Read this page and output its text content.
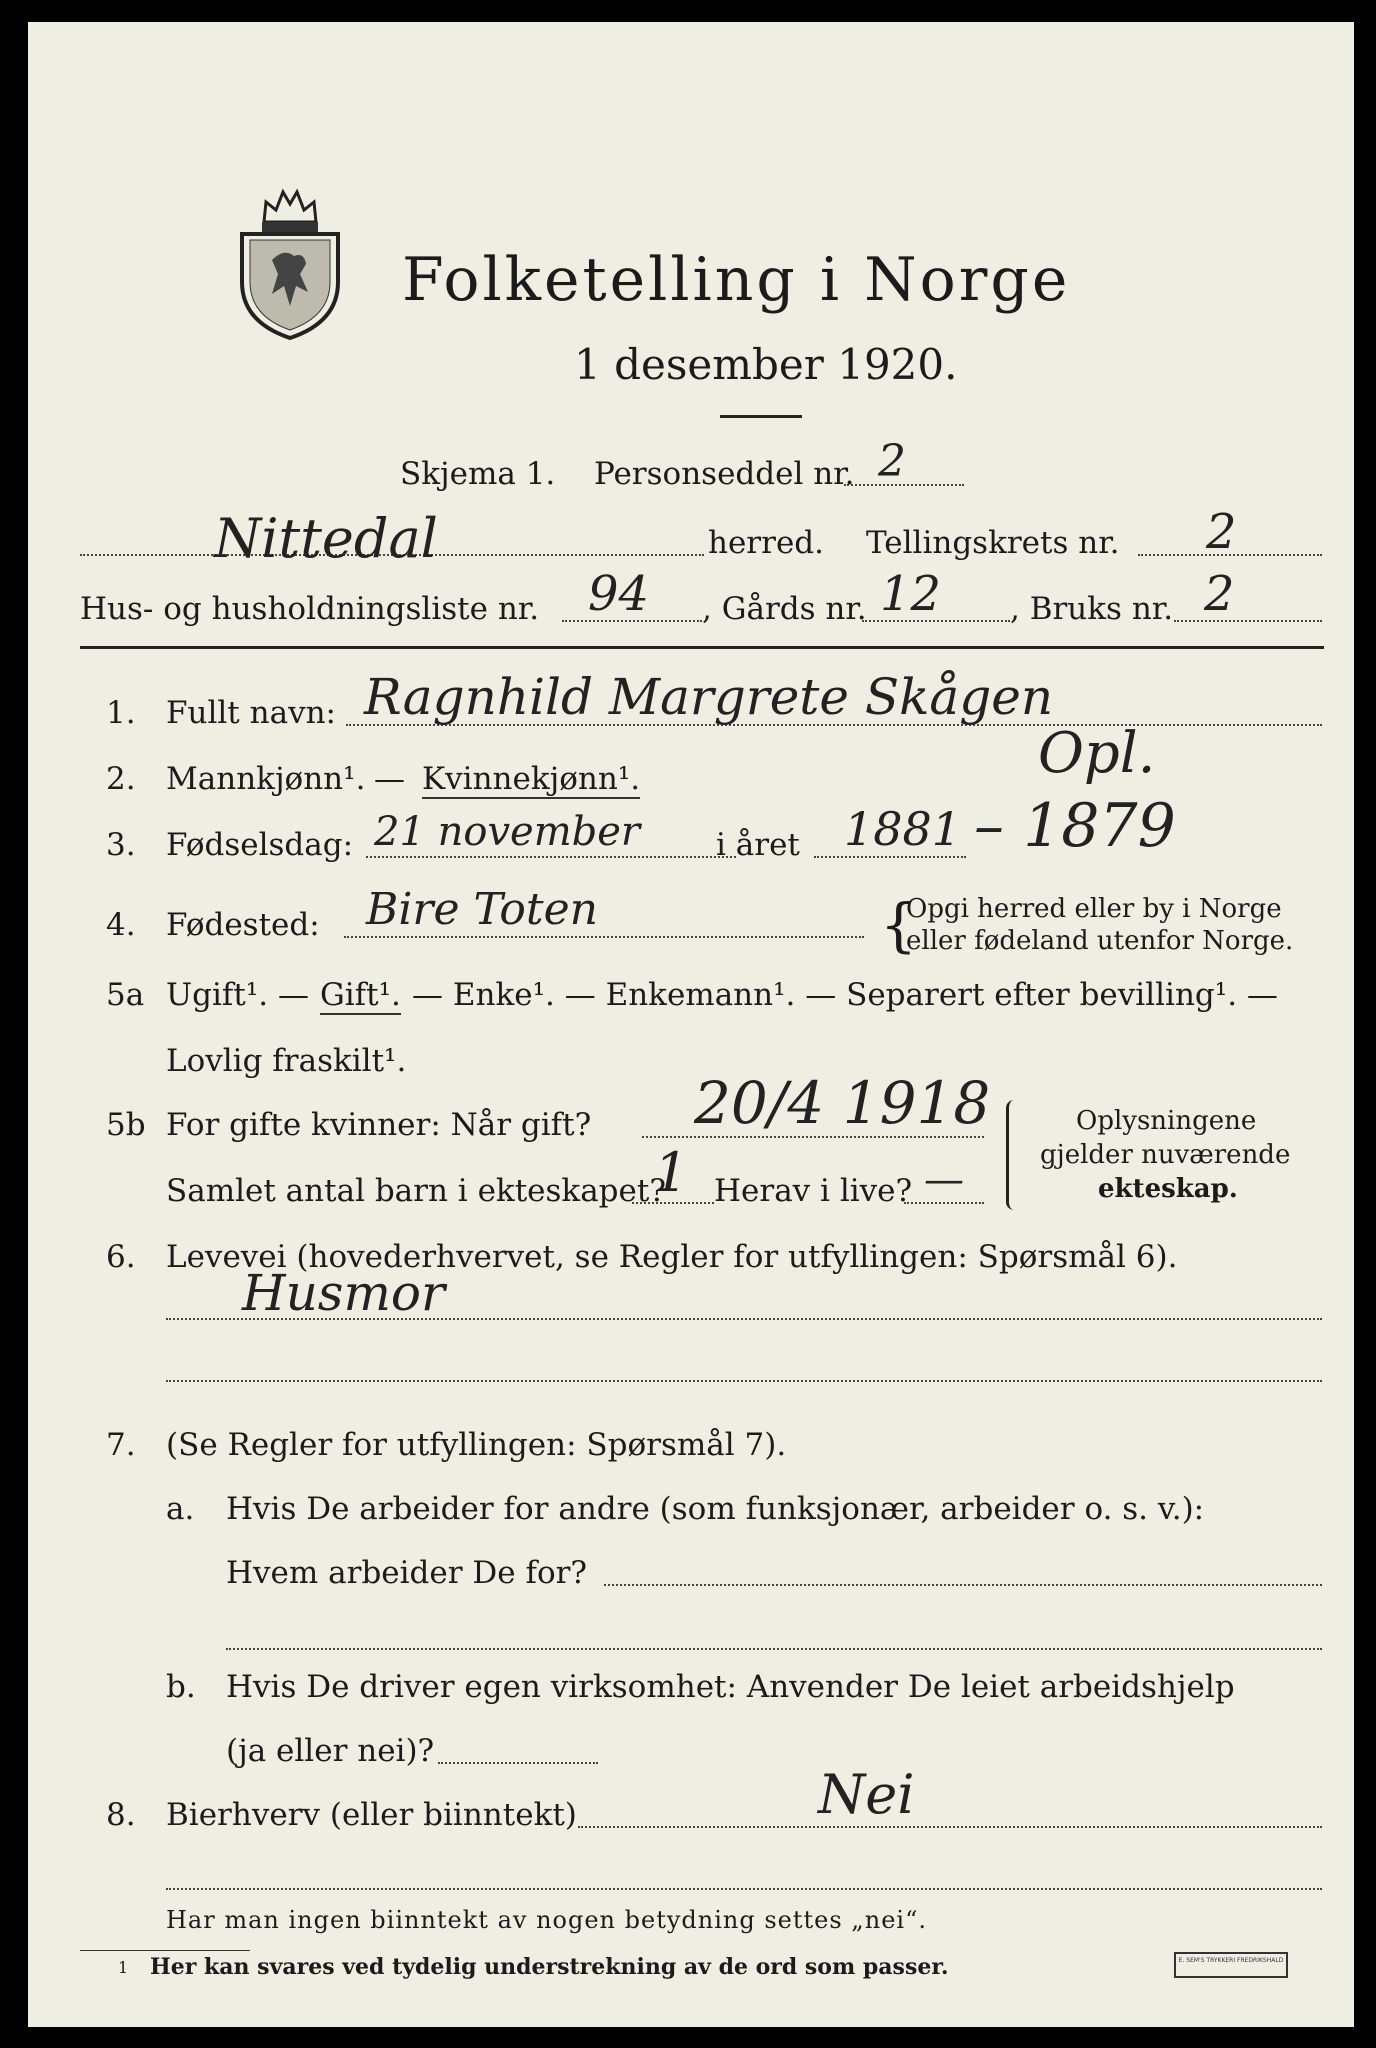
Folketelling i Norge
1 desember 1920.
Skjema 1. Personseddel nr. 2
Nittedal	herred. Tellingskrets nr. 2
Hus- og husholdningsliste nr. 94 , Gårds nr. 12 , Bruks nr. 2
1. Fullt navn: Ragnhild Margrete Skågen
2. Mannkjønn¹. — Kvinnekjønn¹.	Opl.
3. Fødselsdag: 21 november i året 1881 – 1879
4. Fødested: Bire Toten	{
Opgi herred eller by i Norge
eller fødeland utenfor Norge.
5a Ugift¹. — Gift¹. — Enke¹. — Enkemann¹. — Separert efter bevilling¹. —
Lovlig fraskilt¹.
5b For gifte kvinner: Når gift? 20/4 1918
Samlet antal barn i ekteskapet?
1 Herav i live? —
Oplysningene
gjelder nuværende
ekteskap.
6. Levevei (hovederhvervet, se Regler for utfyllingen: Spørsmål 6).
Husmor
7. (Se Regler for utfyllingen: Spørsmål 7).
a. Hvis De arbeider for andre (som funksjonær, arbeider o. s. v.):
Hvem arbeider De for?
b. Hvis De driver egen virksomhet: Anvender De leiet arbeidshjelp
(ja eller nei)?
8. Bierhverv (eller biinntekt)	Nei
Har man ingen biinntekt av nogen betydning settes „nei“.
1 Her kan svares ved tydelig understrekning av de ord som passer.	E. SEM'S TRYKKERI FREDRIKSHALD
